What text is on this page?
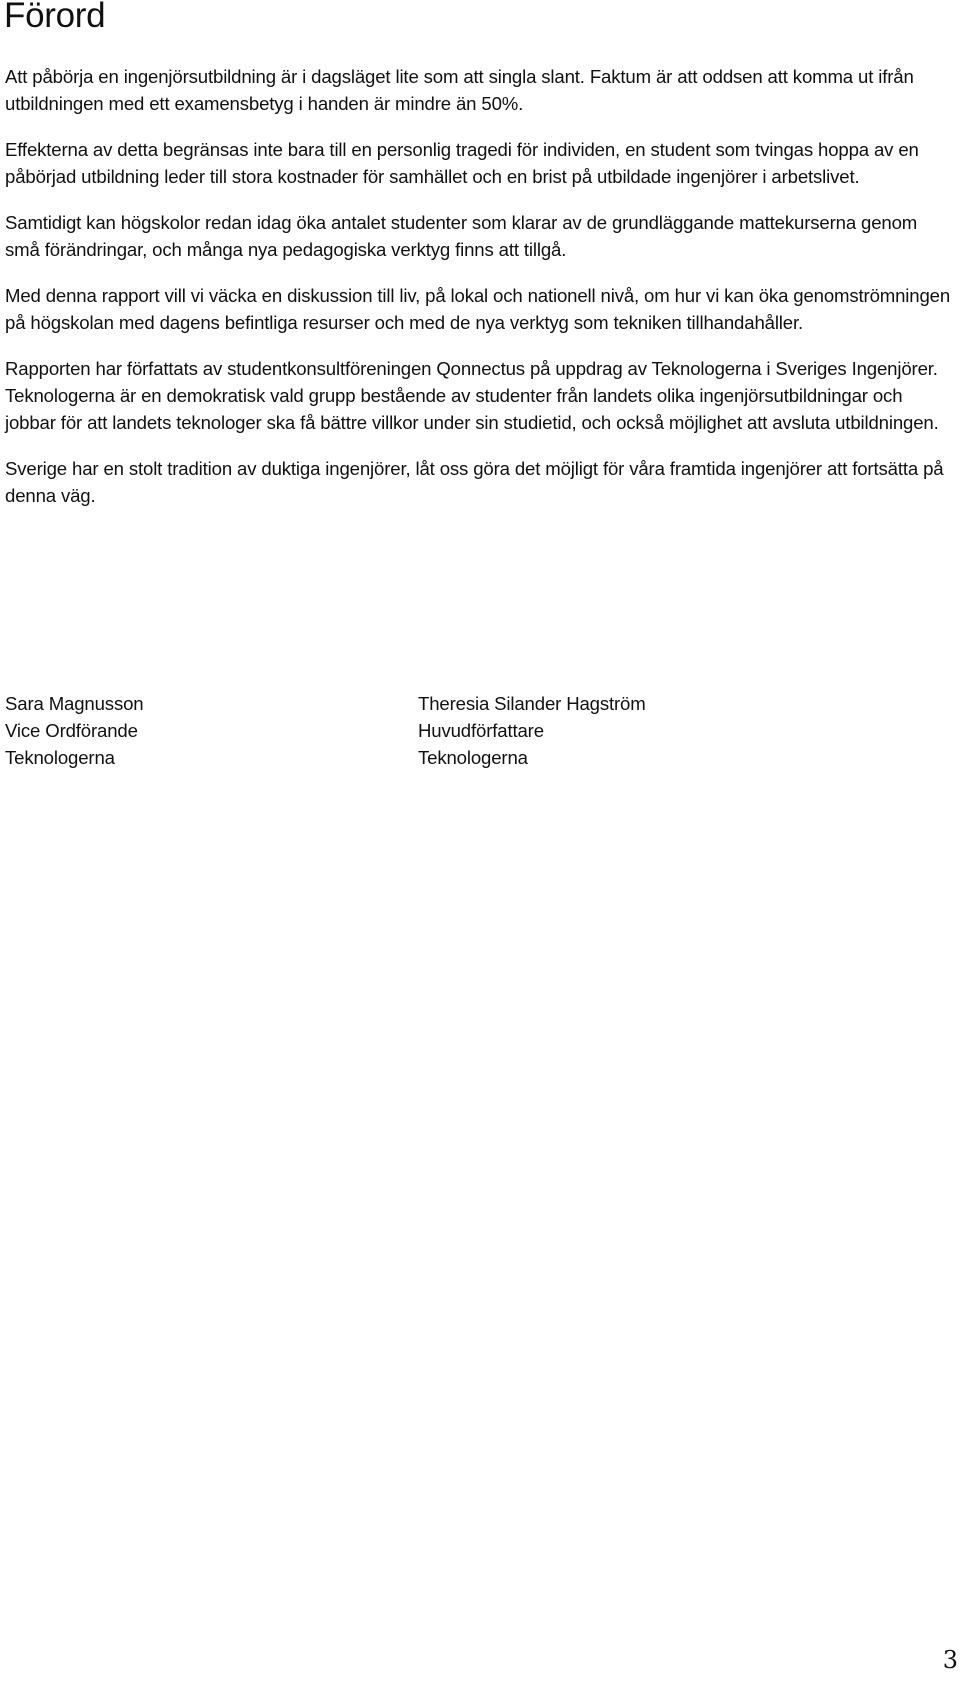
Förord

Att påbörja en ingenjörsutbildning är i dagsläget lite som att singla slant. Faktum är att oddsen att komma ut ifrån utbildningen med ett examensbetyg i handen är mindre än 50%.

Effekterna av detta begränsas inte bara till en personlig tragedi för individen, en student som tvingas hoppa av en påbörjad utbildning leder till stora kostnader för samhället och en brist på utbildade ingenjörer i arbetslivet.

Samtidigt kan högskolor redan idag öka antalet studenter som klarar av de grundläggande mattekurserna genom små förändringar, och många nya pedagogiska verktyg finns att tillgå.

Med denna rapport vill vi väcka en diskussion till liv, på lokal och nationell nivå, om hur vi kan öka genomströmningen på högskolan med dagens befintliga resurser och med de nya verktyg som tekniken tillhandahåller.

Rapporten har författats av studentkonsultföreningen Qonnectus på uppdrag av Teknologerna i Sveriges Ingenjörer. Teknologerna är en demokratisk vald grupp bestående av studenter från landets olika ingenjörsutbildningar och jobbar för att landets teknologer ska få bättre villkor under sin studietid, och också möjlighet att avsluta utbildningen.

Sverige har en stolt tradition av duktiga ingenjörer, låt oss göra det möjligt för våra framtida ingenjörer att fortsätta på denna väg.

Sara Magnusson
Vice Ordförande
Teknologerna
Theresia Silander Hagström
Huvudförfattare
Teknologerna
3
